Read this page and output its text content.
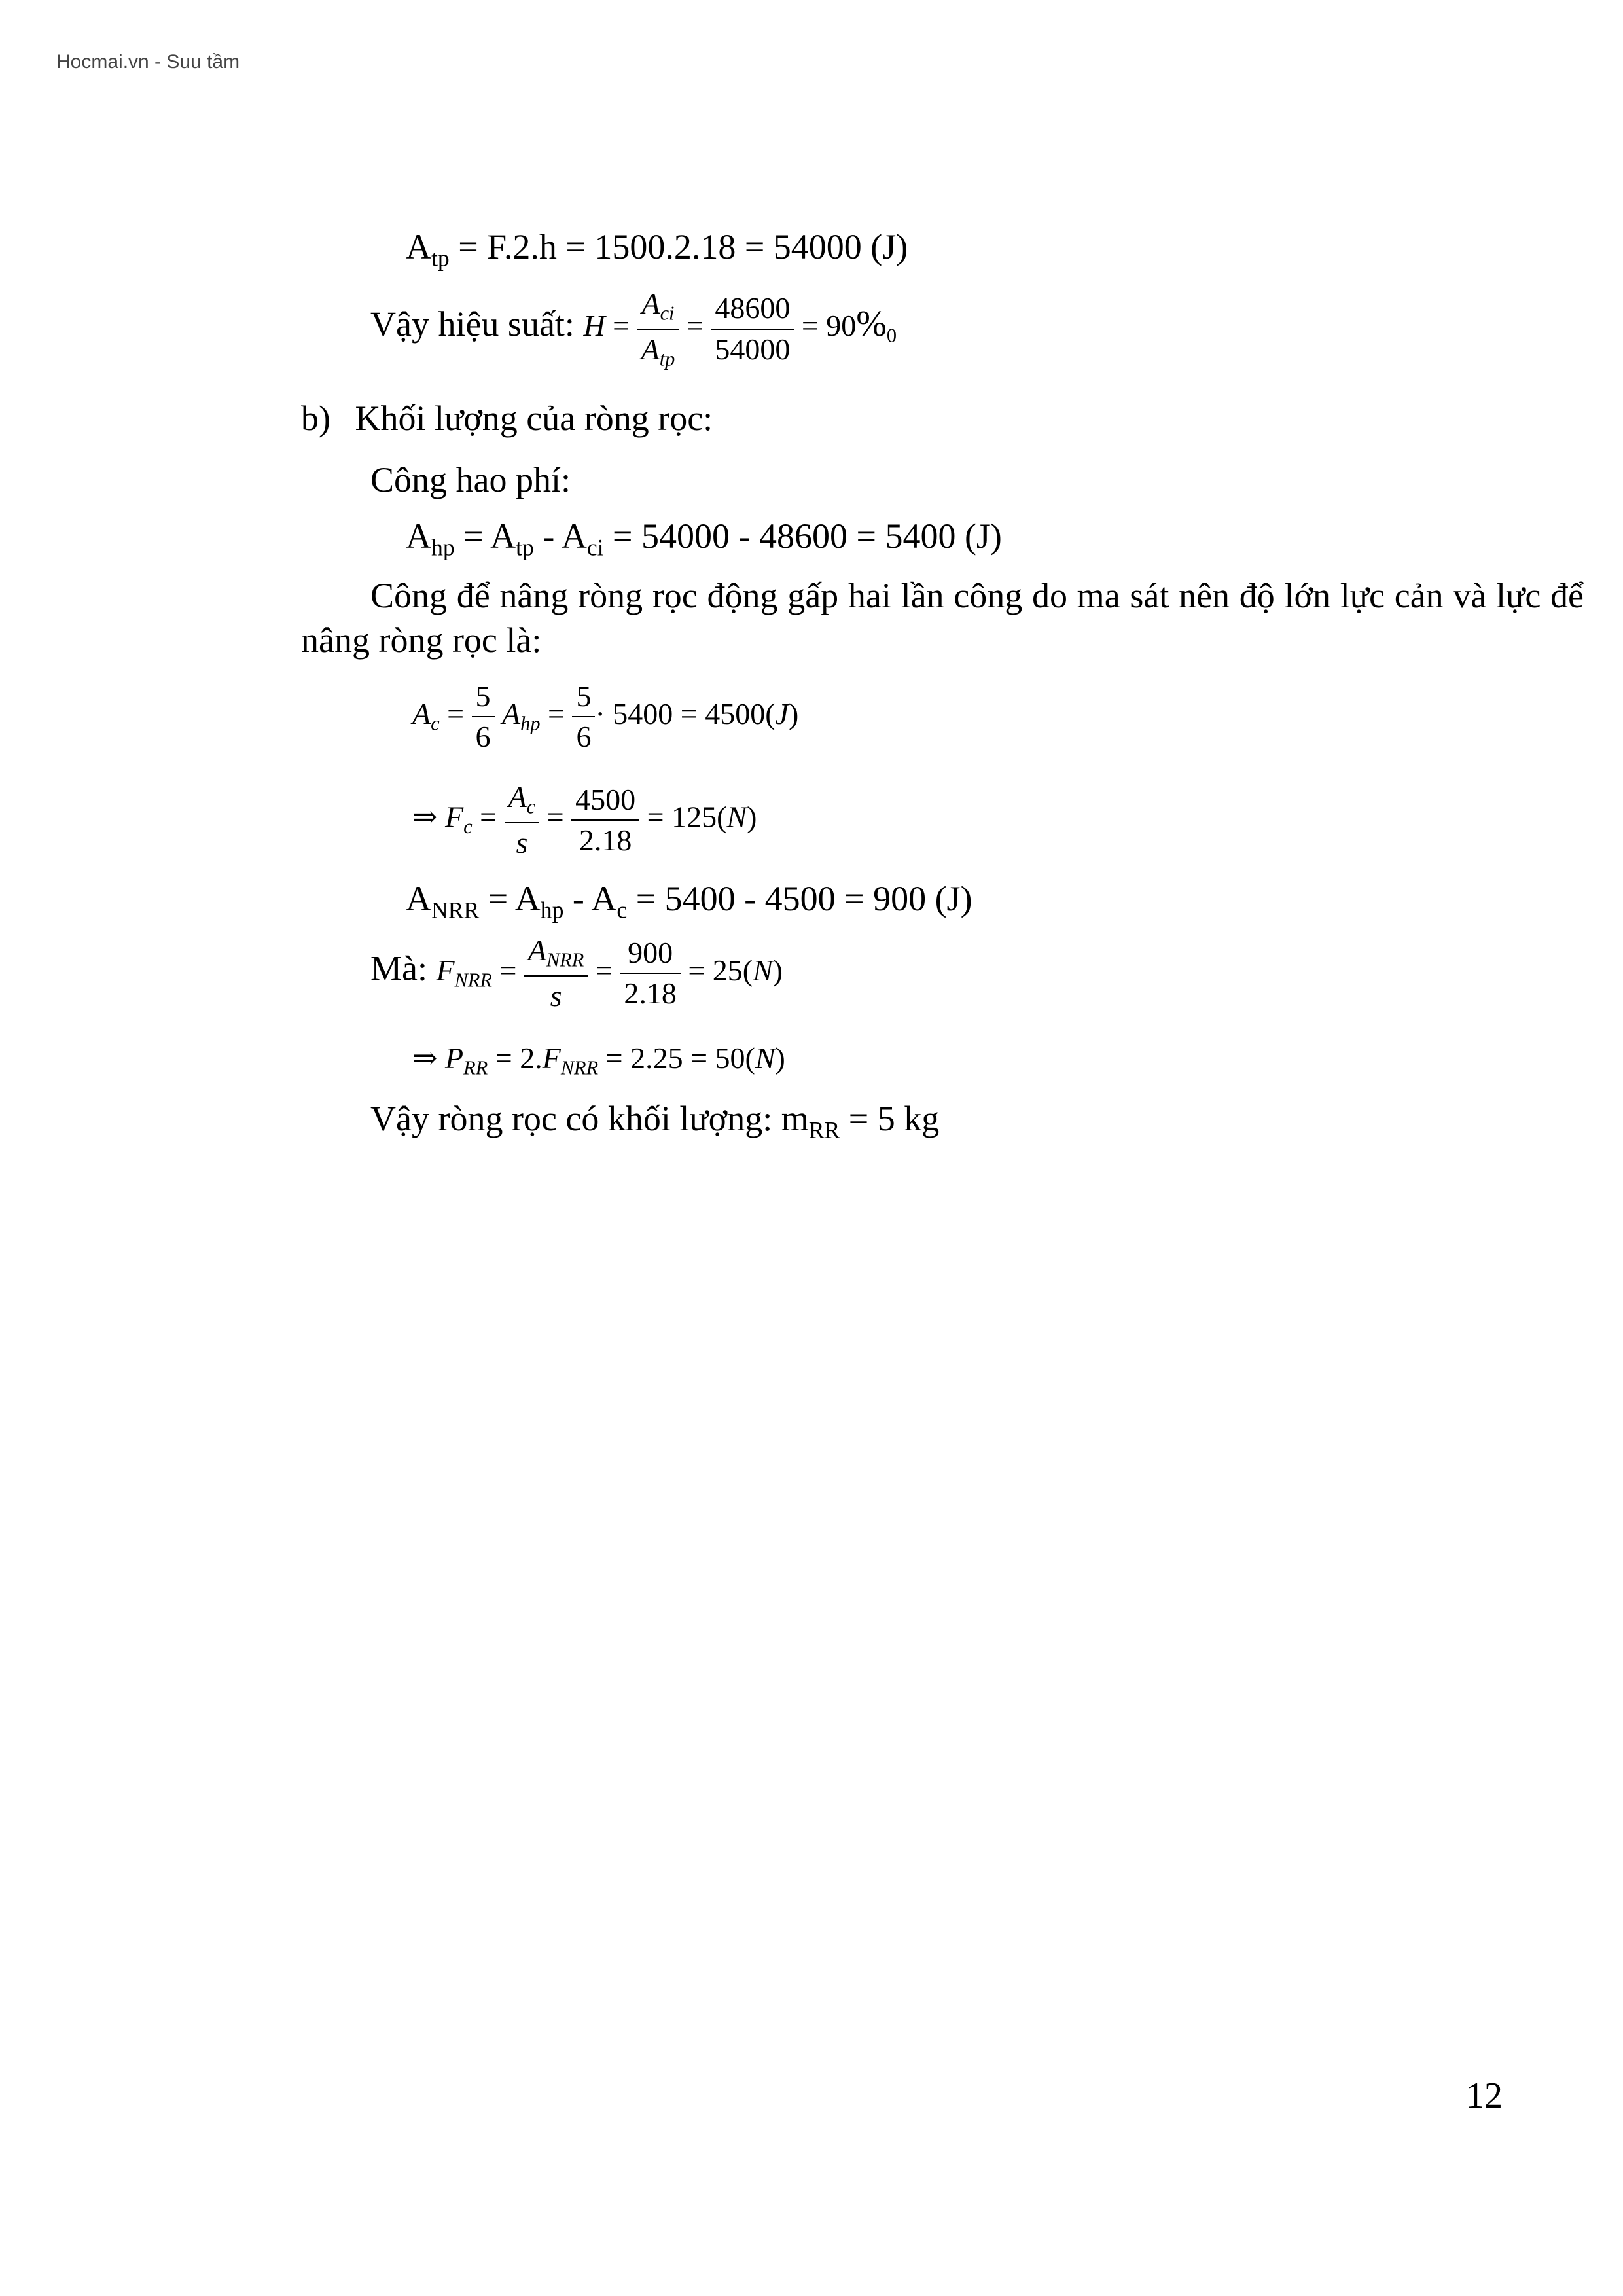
Hocmai.vn - Suu tầm
$A_{tp} = F.2.h = 1500.2.18 = 54000$ (J)
Vậy hiệu suất: $H = \frac{A_{ci}}{A_{tp}} = \frac{48600}{54000} = 90\%_0$
b) Khối lượng của ròng rọc:
Công hao phí:
$A_{hp} = A_{tp} - A_{ci} = 54000 - 48600 = 5400$ (J)
Công để nâng ròng rọc động gấp hai lần công do ma sát nên độ lớn lực cản và lực để nâng ròng rọc là:
$A_c = \frac{5}{6} A_{hp} = \frac{5}{6} \cdot 5400 = 4500(J)$
⇒ $F_c = \frac{A_c}{s} = \frac{4500}{2.18} = 125(N)$
$A_{NRR} = A_{hp} - A_c = 5400 - 4500 = 900$ (J)
Mà: $F_{NRR} = \frac{A_{NRR}}{s} = \frac{900}{2.18} = 25(N)$
⇒ $P_{RR} = 2.F_{NRR} = 2.25 = 50(N)$
Vậy ròng rọc có khối lượng: $m_{RR} = 5$ kg
12
